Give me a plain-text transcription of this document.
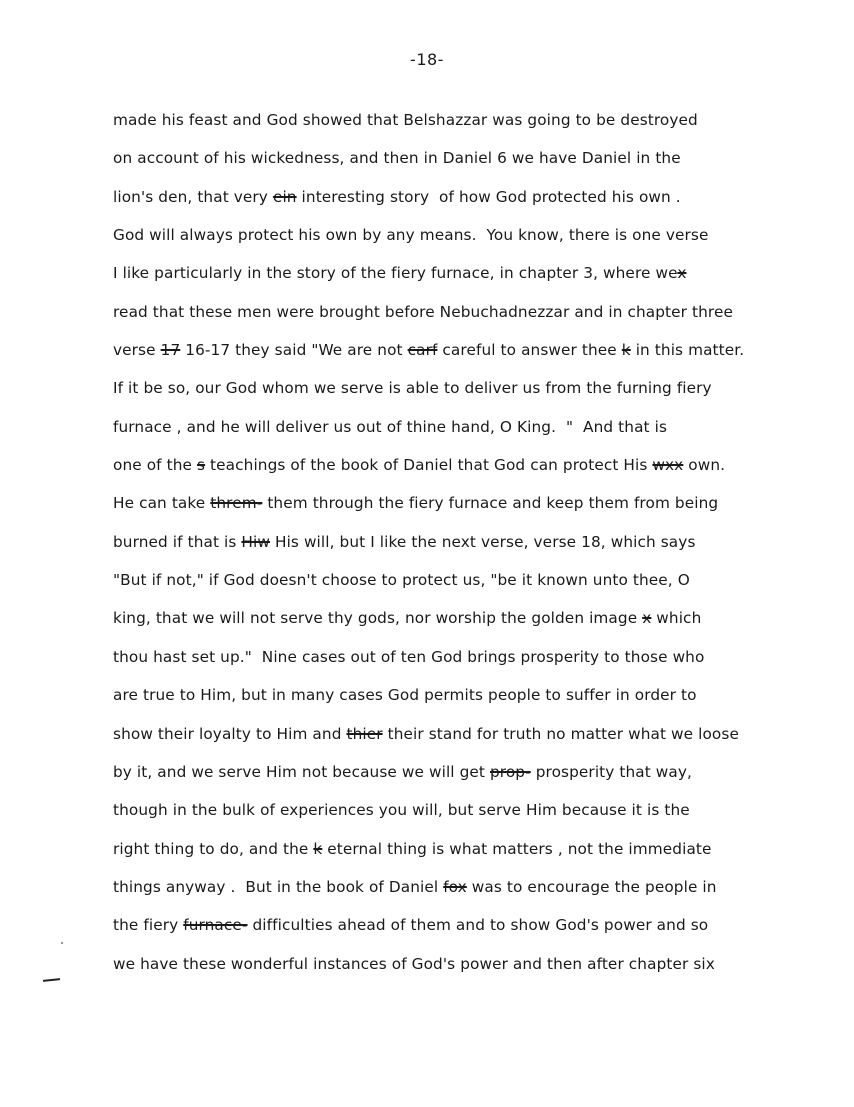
-18-
made his feast and God showed that Belshazzar was going to be destroyed
on account of his wickedness, and then in Daniel 6 we have Daniel in the
lion's den, that very ein interesting story  of how God protected his own .
God will always protect his own by any means.  You know, there is one verse
I like particularly in the story of the fiery furnace, in chapter 3, where wex
read that these men were brought before Nebuchadnezzar and in chapter three
verse 17 16-17 they said "We are not carf careful to answer thee k in this matter.
If it be so, our God whom we serve is able to deliver us from the furning fiery
furnace , and he will deliver us out of thine hand, O King.  "  And that is
one of the s teachings of the book of Daniel that God can protect His wxx own.
He can take threm- them through the fiery furnace and keep them from being
burned if that is Hiw His will, but I like the next verse, verse 18, which says
"But if not," if God doesn't choose to protect us, "be it known unto thee, O
king, that we will not serve thy gods, nor worship the golden image x which
thou hast set up."  Nine cases out of ten God brings prosperity to those who
are true to Him, but in many cases God permits people to suffer in order to
show their loyalty to Him and thier their stand for truth no matter what we loose
by it, and we serve Him not because we will get prop- prosperity that way,
though in the bulk of experiences you will, but serve Him because it is the
right thing to do, and the k eternal thing is what matters , not the immediate
things anyway .  But in the book of Daniel fox was to encourage the people in
the fiery furnace- difficulties ahead of them and to show God's power and so
we have these wonderful instances of God's power and then after chapter six
